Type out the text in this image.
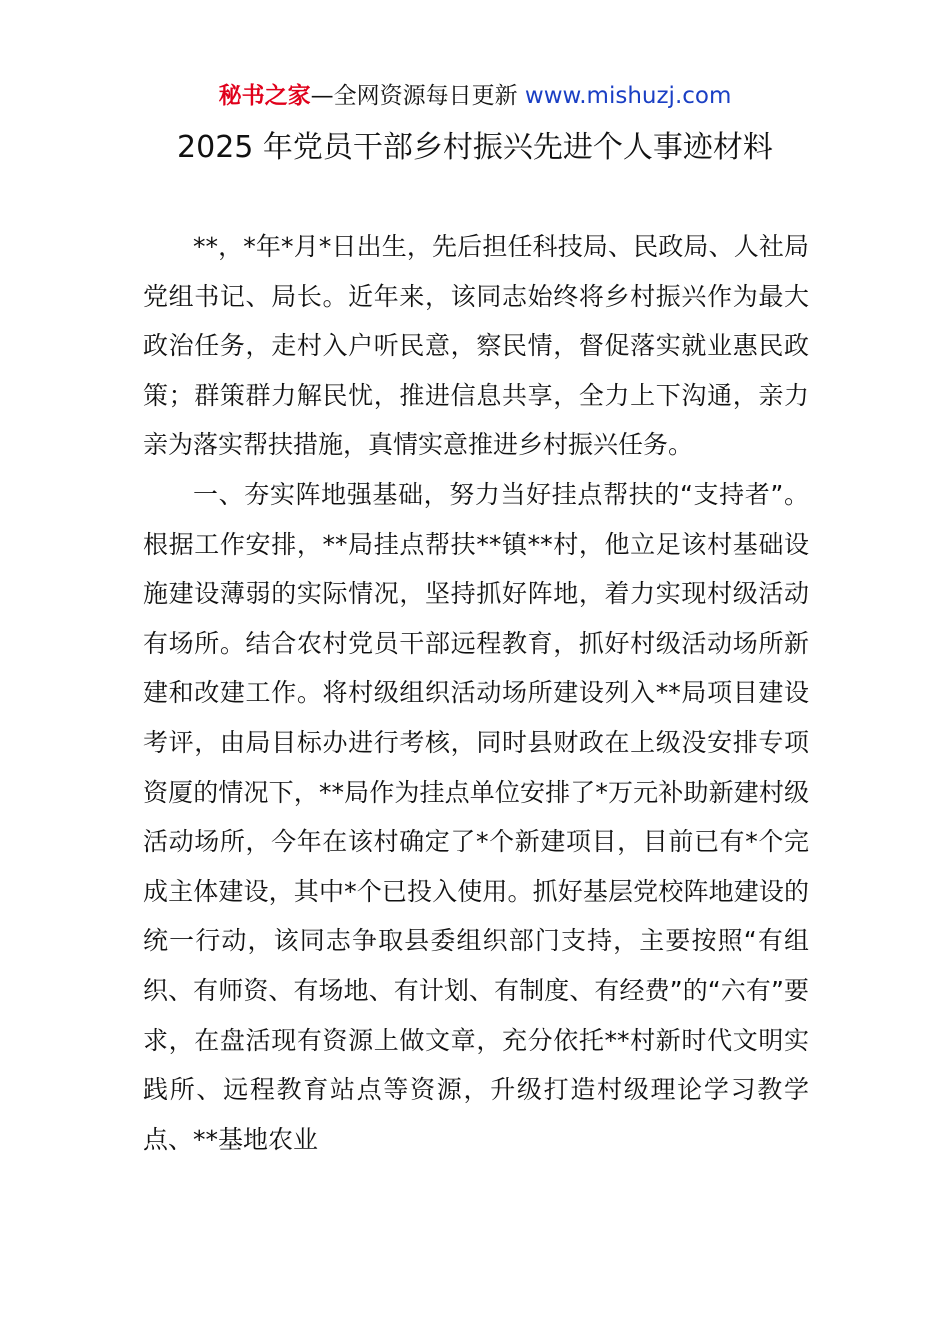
秘书之家—全网资源每日更新 www.mishuzj.com
2025 年党员干部乡村振兴先进个人事迹材料

**，*年*月*日出生，先后担任科技局、民政局、人社局党组书记、局长。近年来，该同志始终将乡村振兴作为最大政治任务，走村入户听民意，察民情，督促落实就业惠民政策；群策群力解民忧，推进信息共享，全力上下沟通，亲力亲为落实帮扶措施，真情实意推进乡村振兴任务。

一、夯实阵地强基础，努力当好挂点帮扶的“支持者”。根据工作安排，**局挂点帮扶**镇**村，他立足该村基础设施建设薄弱的实际情况，坚持抓好阵地，着力实现村级活动有场所。结合农村党员干部远程教育，抓好村级活动场所新建和改建工作。将村级组织活动场所建设列入**局项目建设考评，由局目标办进行考核，同时县财政在上级没安排专项资厦的情况下，**局作为挂点单位安排了*万元补助新建村级活动场所，今年在该村确定了*个新建项目，目前已有*个完成主体建设，其中*个已投入使用。抓好基层党校阵地建设的统一行动，该同志争取县委组织部门支持，主要按照“有组织、有师资、有场地、有计划、有制度、有经费”的“六有”要求，在盘活现有资源上做文章，充分依托**村新时代文明实践所、远程教育站点等资源，升级打造村级理论学习教学点、**基地农业
